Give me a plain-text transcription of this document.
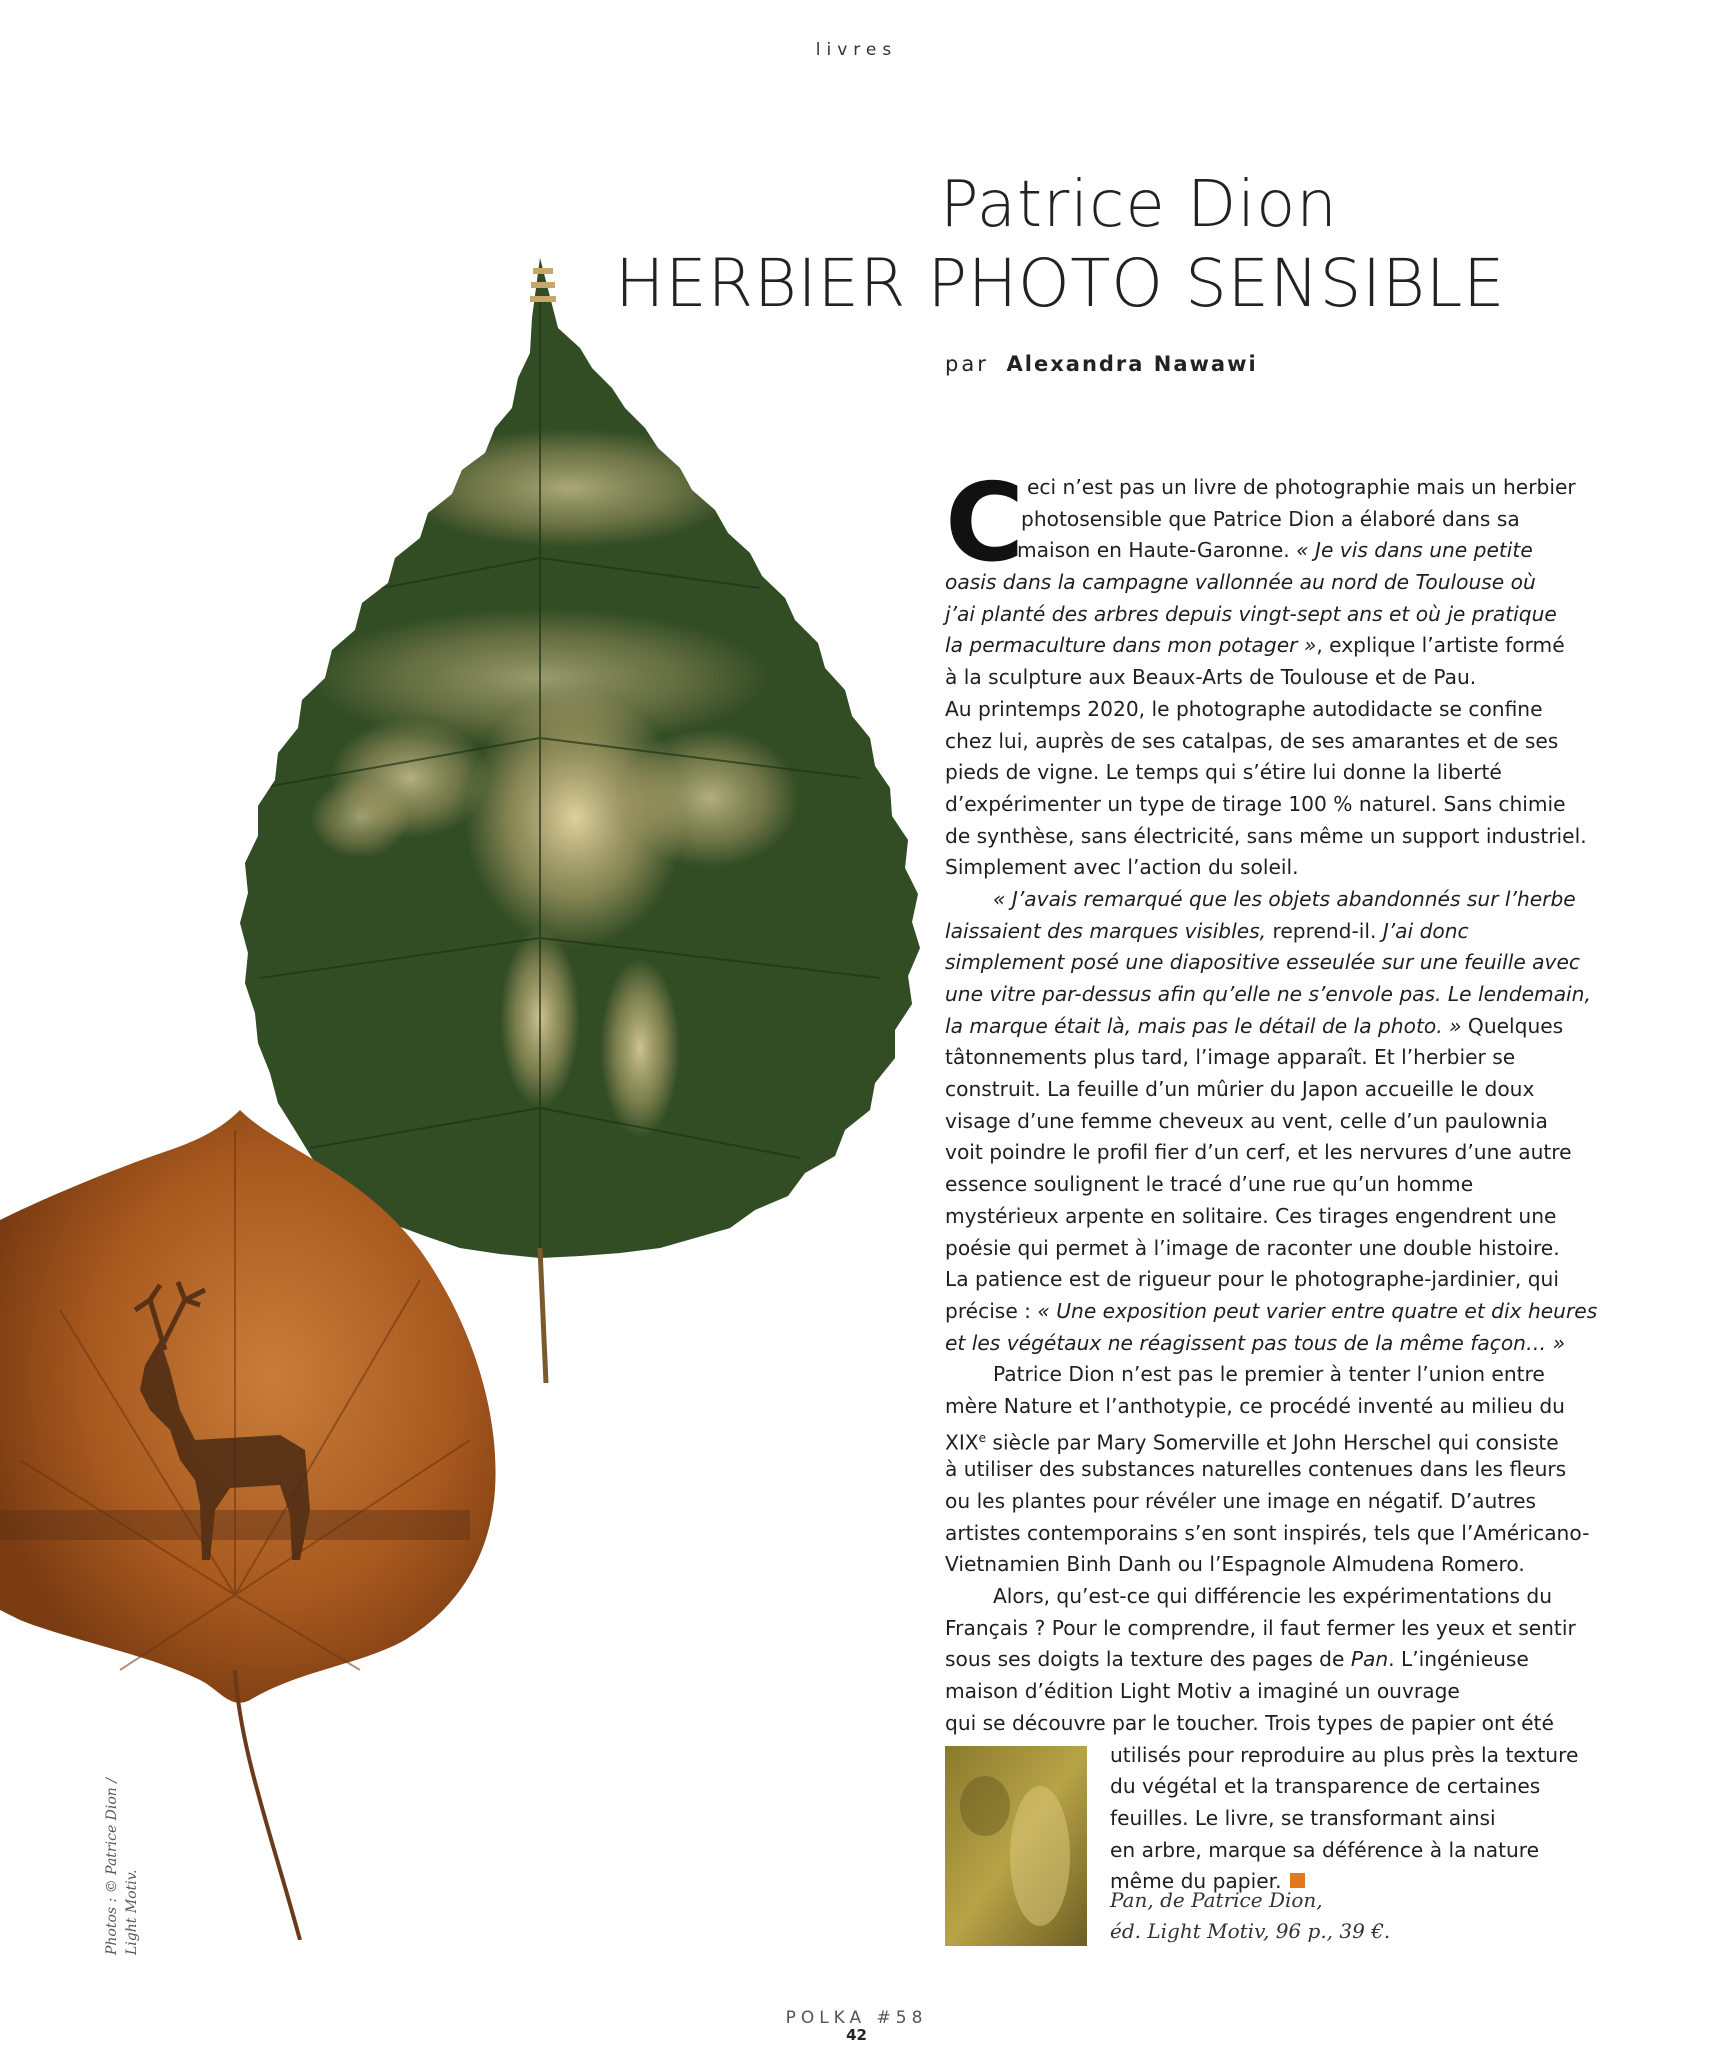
livres
Patrice Dion
HERBIER PHOTO SENSIBLE
par Alexandra Nawawi
Photos : © Patrice Dion / Light Motiv.
C eci n’est pas un livre de photographie mais un herbier
photosensible que Patrice Dion a élaboré dans sa
maison en Haute-Garonne. « Je vis dans une petite
oasis dans la campagne vallonnée au nord de Toulouse où
j’ai planté des arbres depuis vingt-sept ans et où je pratique
la permaculture dans mon potager », explique l’artiste formé
à la sculpture aux Beaux-Arts de Toulouse et de Pau.
Au printemps 2020, le photographe autodidacte se confine
chez lui, auprès de ses catalpas, de ses amarantes et de ses
pieds de vigne. Le temps qui s’étire lui donne la liberté
d’expérimenter un type de tirage 100 % naturel. Sans chimie
de synthèse, sans électricité, sans même un support industriel.
Simplement avec l’action du soleil.
« J’avais remarqué que les objets abandonnés sur l’herbe
laissaient des marques visibles, reprend-il. J’ai donc
simplement posé une diapositive esseulée sur une feuille avec
une vitre par-dessus afin qu’elle ne s’envole pas. Le lendemain,
la marque était là, mais pas le détail de la photo. » Quelques
tâtonnements plus tard, l’image apparaît. Et l’herbier se
construit. La feuille d’un mûrier du Japon accueille le doux
visage d’une femme cheveux au vent, celle d’un paulownia
voit poindre le profil fier d’un cerf, et les nervures d’une autre
essence soulignent le tracé d’une rue qu’un homme
mystérieux arpente en solitaire. Ces tirages engendrent une
poésie qui permet à l’image de raconter une double histoire.
La patience est de rigueur pour le photographe-jardinier, qui
précise : « Une exposition peut varier entre quatre et dix heures
et les végétaux ne réagissent pas tous de la même façon… »
Patrice Dion n’est pas le premier à tenter l’union entre
mère Nature et l’anthotypie, ce procédé inventé au milieu du
XIXe siècle par Mary Somerville et John Herschel qui consiste
à utiliser des substances naturelles contenues dans les fleurs
ou les plantes pour révéler une image en négatif. D’autres
artistes contemporains s’en sont inspirés, tels que l’Américano-
Vietnamien Binh Danh ou l’Espagnole Almudena Romero.
Alors, qu’est-ce qui différencie les expérimentations du
Français ? Pour le comprendre, il faut fermer les yeux et sentir
sous ses doigts la texture des pages de Pan. L’ingénieuse
maison d’édition Light Motiv a imaginé un ouvrage
qui se découvre par le toucher. Trois types de papier ont été
utilisés pour reproduire au plus près la texture
du végétal et la transparence de certaines
feuilles. Le livre, se transformant ainsi
en arbre, marque sa déférence à la nature
même du papier.
Pan, de Patrice Dion,
éd. Light Motiv, 96 p., 39 €.
POLKA #58
42
